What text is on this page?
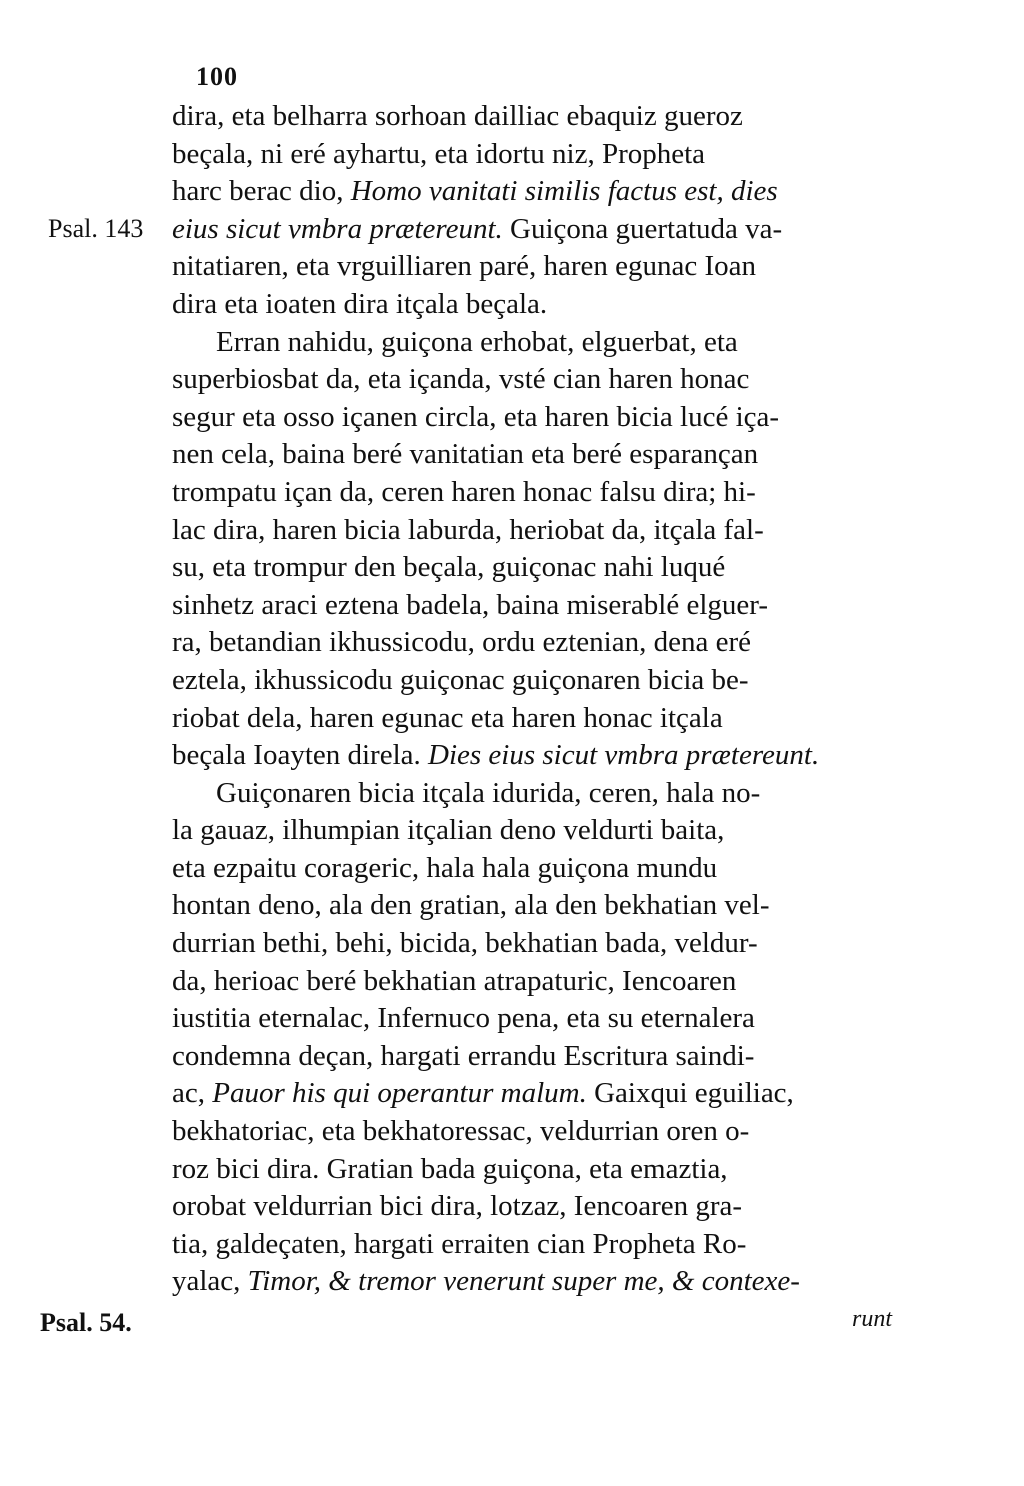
100
Psal. 143
Psal. 54.
dira, eta belharra sorhoan dailliac ebaquiz gueroz
beçala, ni eré ayhartu, eta idortu niz, Propheta
harc berac dio, Homo vanitati similis factus est, dies
eius sicut vmbra prætereunt. Guiçona guertatuda va-
nitatiaren, eta vrguilliaren paré, haren egunac Ioan
dira eta ioaten dira itçala beçala.
Erran nahidu, guiçona erhobat, elguerbat, eta
superbiosbat da, eta içanda, vsté cian haren honac
segur eta osso içanen circla, eta haren bicia lucé iça-
nen cela, baina beré vanitatian eta beré esparançan
trompatu içan da, ceren haren honac falsu dira; hi-
lac dira, haren bicia laburda, heriobat da, itçala fal-
su, eta trompur den beçala, guiçonac nahi luqué
sinhetz araci eztena badela, baina miserablé elguer-
ra, betandian ikhussicodu, ordu eztenian, dena eré
eztela, ikhussicodu guiçonac guiçonaren bicia be-
riobat dela, haren egunac eta haren honac itçala
beçala Ioayten direla. Dies eius sicut vmbra prætereunt.
Guiçonaren bicia itçala idurida, ceren, hala no-
la gauaz, ilhumpian itçalian deno veldurti baita,
eta ezpaitu corageric, hala hala guiçona mundu
hontan deno, ala den gratian, ala den bekhatian vel-
durrian bethi, behi, bicida, bekhatian bada, veldur-
da, herioac beré bekhatian atrapaturic, Iencoaren
iustitia eternalac, Infernuco pena, eta su eternalera
condemna deçan, hargati errandu Escritura saindi-
ac, Pauor his qui operantur malum. Gaixqui eguiliac,
bekhatoriac, eta bekhatoressac, veldurrian oren o-
roz bici dira. Gratian bada guiçona, eta emaztia,
orobat veldurrian bici dira, lotzaz, Iencoaren gra-
tia, galdeçaten, hargati erraiten cian Propheta Ro-
yalac, Timor, & tremor venerunt super me, & contexe-
runt
